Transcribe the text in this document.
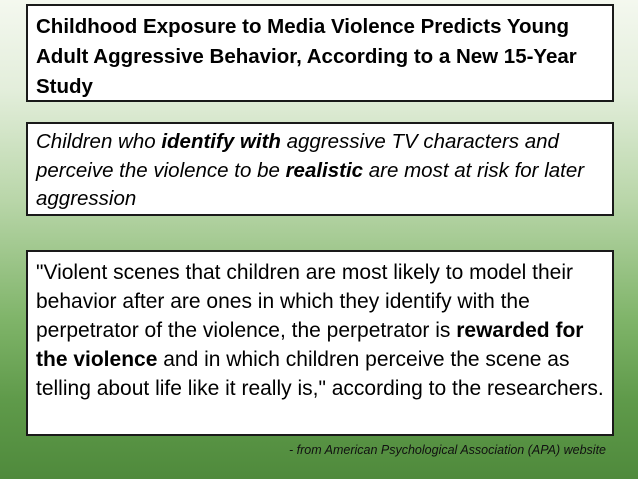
Childhood Exposure to Media Violence Predicts Young Adult Aggressive Behavior, According to a New 15-Year Study
Children who identify with aggressive TV characters and perceive the violence to be realistic are most at risk for later aggression
"Violent scenes that children are most likely to model their behavior after are ones in which they identify with the perpetrator of the violence, the perpetrator is rewarded for the violence and in which children perceive the scene as telling about life like it really is," according to the researchers.
- from American Psychological Association (APA) website
